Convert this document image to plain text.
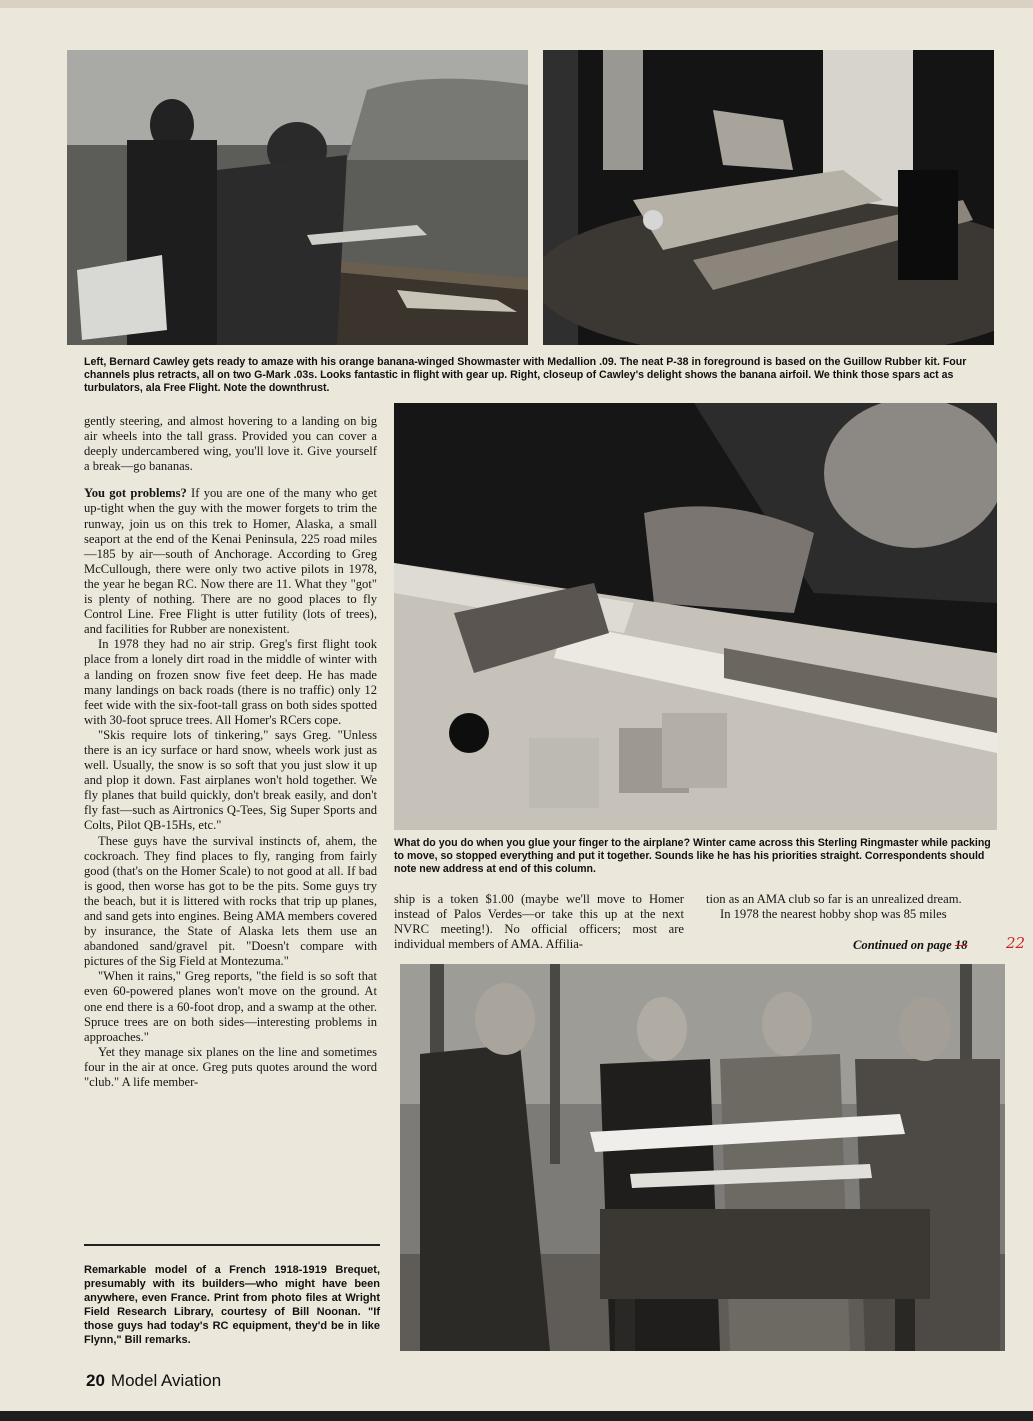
Left, Bernard Cawley gets ready to amaze with his orange banana-winged Showmaster with Medallion .09. The neat P-38 in foreground is based on the Guillow Rubber kit. Four channels plus retracts, all on two G-Mark .03s. Looks fantastic in flight with gear up. Right, closeup of Cawley's delight shows the banana airfoil. We think those spars act as turbulators, ala Free Flight. Note the downthrust.

What do you do when you glue your finger to the airplane? Winter came across this Sterling Ringmaster while packing to move, so stopped everything and put it together. Sounds like he has his priorities straight. Correspondents should note new address at end of this column.

gently steering, and almost hovering to a landing on big air wheels into the tall grass. Provided you can cover a deeply undercambered wing, you'll love it. Give yourself a break—go bananas.

You got problems? If you are one of the many who get up-tight when the guy with the mower forgets to trim the runway, join us on this trek to Homer, Alaska, a small seaport at the end of the Kenai Peninsula, 225 road miles—185 by air—south of Anchorage. According to Greg McCullough, there were only two active pilots in 1978, the year he began RC. Now there are 11. What they "got" is plenty of nothing. There are no good places to fly Control Line. Free Flight is utter futility (lots of trees), and facilities for Rubber are nonexistent.

In 1978 they had no air strip. Greg's first flight took place from a lonely dirt road in the middle of winter with a landing on frozen snow five feet deep. He has made many landings on back roads (there is no traffic) only 12 feet wide with the six-foot-tall grass on both sides spotted with 30-foot spruce trees. All Homer's RCers cope.

"Skis require lots of tinkering," says Greg. "Unless there is an icy surface or hard snow, wheels work just as well. Usually, the snow is so soft that you just slow it up and plop it down. Fast airplanes won't hold together. We fly planes that build quickly, don't break easily, and don't fly fast—such as Airtronics Q-Tees, Sig Super Sports and Colts, Pilot QB-15Hs, etc."

These guys have the survival instincts of, ahem, the cockroach. They find places to fly, ranging from fairly good (that's on the Homer Scale) to not good at all. If bad is good, then worse has got to be the pits. Some guys try the beach, but it is littered with rocks that trip up planes, and sand gets into engines. Being AMA members covered by insurance, the State of Alaska lets them use an abandoned sand/gravel pit. "Doesn't compare with pictures of the Sig Field at Montezuma."

"When it rains," Greg reports, "the field is so soft that even 60-powered planes won't move on the ground. At one end there is a 60-foot drop, and a swamp at the other. Spruce trees are on both sides—interesting problems in approaches."

Yet they manage six planes on the line and sometimes four in the air at once. Greg puts quotes around the word "club." A life member-

ship is a token $1.00 (maybe we'll move to Homer instead of Palos Verdes—or take this up at the next NVRC meeting!). No official officers; most are individual members of AMA. Affilia-

tion as an AMA club so far is an unrealized dream.

In 1978 the nearest hobby shop was 85 miles

Continued on page 18	22

Remarkable model of a French 1918-1919 Brequet, presumably with its builders—who might have been anywhere, even France. Print from photo files at Wright Field Research Library, courtesy of Bill Noonan. "If those guys had today's RC equipment, they'd be in like Flynn," Bill remarks.

20 Model Aviation
